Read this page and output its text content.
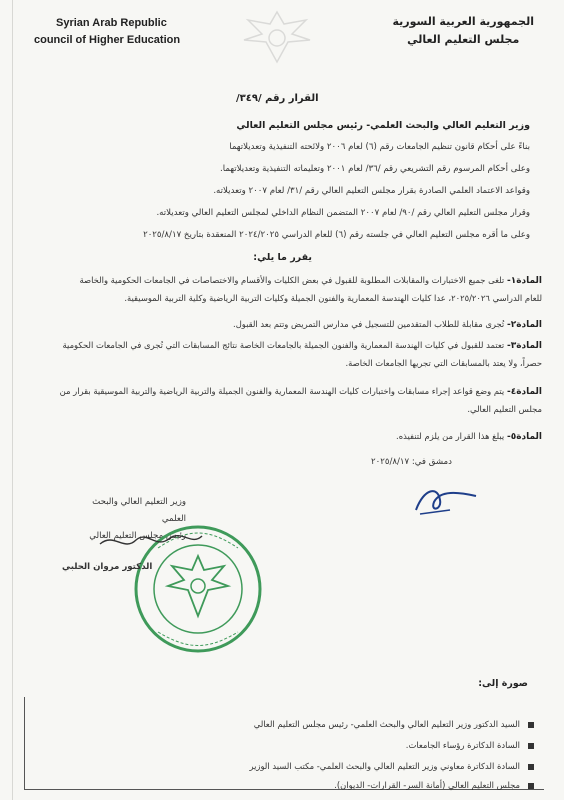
Syrian Arab Republic
council of Higher Education
الجمهورية العربية السورية
مجلس التعليم العالي
القرار رقم /٣٤٩/
وزير التعليم العالي والبحث العلمي- رئيس مجلس التعليم العالي
بناءً على أحكام قانون تنظيم الجامعات رقم (٦) لعام ٢٠٠٦ ولائحته التنفيذية وتعديلاتهما
وعلى أحكام المرسوم رقم التشريعي رقم /٣٦/ لعام ٢٠٠١ وتعليماته التنفيذية وتعديلاتهما.
وقواعد الاعتماد العلمي الصادرة بقرار مجلس التعليم العالي رقم /٣١/ لعام ٢٠٠٧ وتعديلاته.
وقرار مجلس التعليم العالي رقم /٩٠/ لعام ٢٠٠٧ المتضمن النظام الداخلي لمجلس التعليم العالي وتعديلاته.
وعلى ما أقره مجلس التعليم العالي في جلسته رقم (٦) للعام الدراسي ٢٠٢٤/٢٠٢٥ المنعقدة بتاريخ ٢٠٢٥/٨/١٧
يقرر ما يلي:
المادة١- تلغى جميع الاختبارات والمقابلات المطلوبة للقبول في بعض الكليات والأقسام والاختصاصات في الجامعات الحكومية والخاصة
للعام الدراسي ٢٠٢٥/٢٠٢٦، عدا كليات الهندسة المعمارية والفنون الجميلة وكليات التربية الرياضية وكلية التربية الموسيقية.
المادة٢- تُجرى مقابلة للطلاب المتقدمين للتسجيل في مدارس التمريض وتتم بعد القبول.
المادة٣- تعتمد للقبول في كليات الهندسة المعمارية والفنون الجميلة بالجامعات الخاصة نتائج المسابقات التي تُجرى في الجامعات الحكومية
حصراً، ولا يعتد بالمسابقات التي تجريها الجامعات الخاصة.
المادة٤- يتم وضع قواعد إجراء مسابقات واختبارات كليات الهندسة المعمارية والفنون الجميلة والتربية الرياضية والتربية الموسيقية بقرار من
مجلس التعليم العالي.
المادة٥- يبلغ هذا القرار من يلزم لتنفيذه.
دمشق في: ٢٠٢٥/٨/١٧
وزير التعليم العالي والبحث العلمي
رئيس مجلس التعليم العالي
الدكتور مروان الحلبي
صورة إلى:
السيد الدكتور وزير التعليم العالي والبحث العلمي- رئيس مجلس التعليم العالي
السادة الدكاترة رؤساء الجامعات.
السادة الدكاترة معاوني وزير التعليم العالي والبحث العلمي- مكتب السيد الوزير
مجلس التعليم العالي (أمانة السر- القرارات- الديوان).
